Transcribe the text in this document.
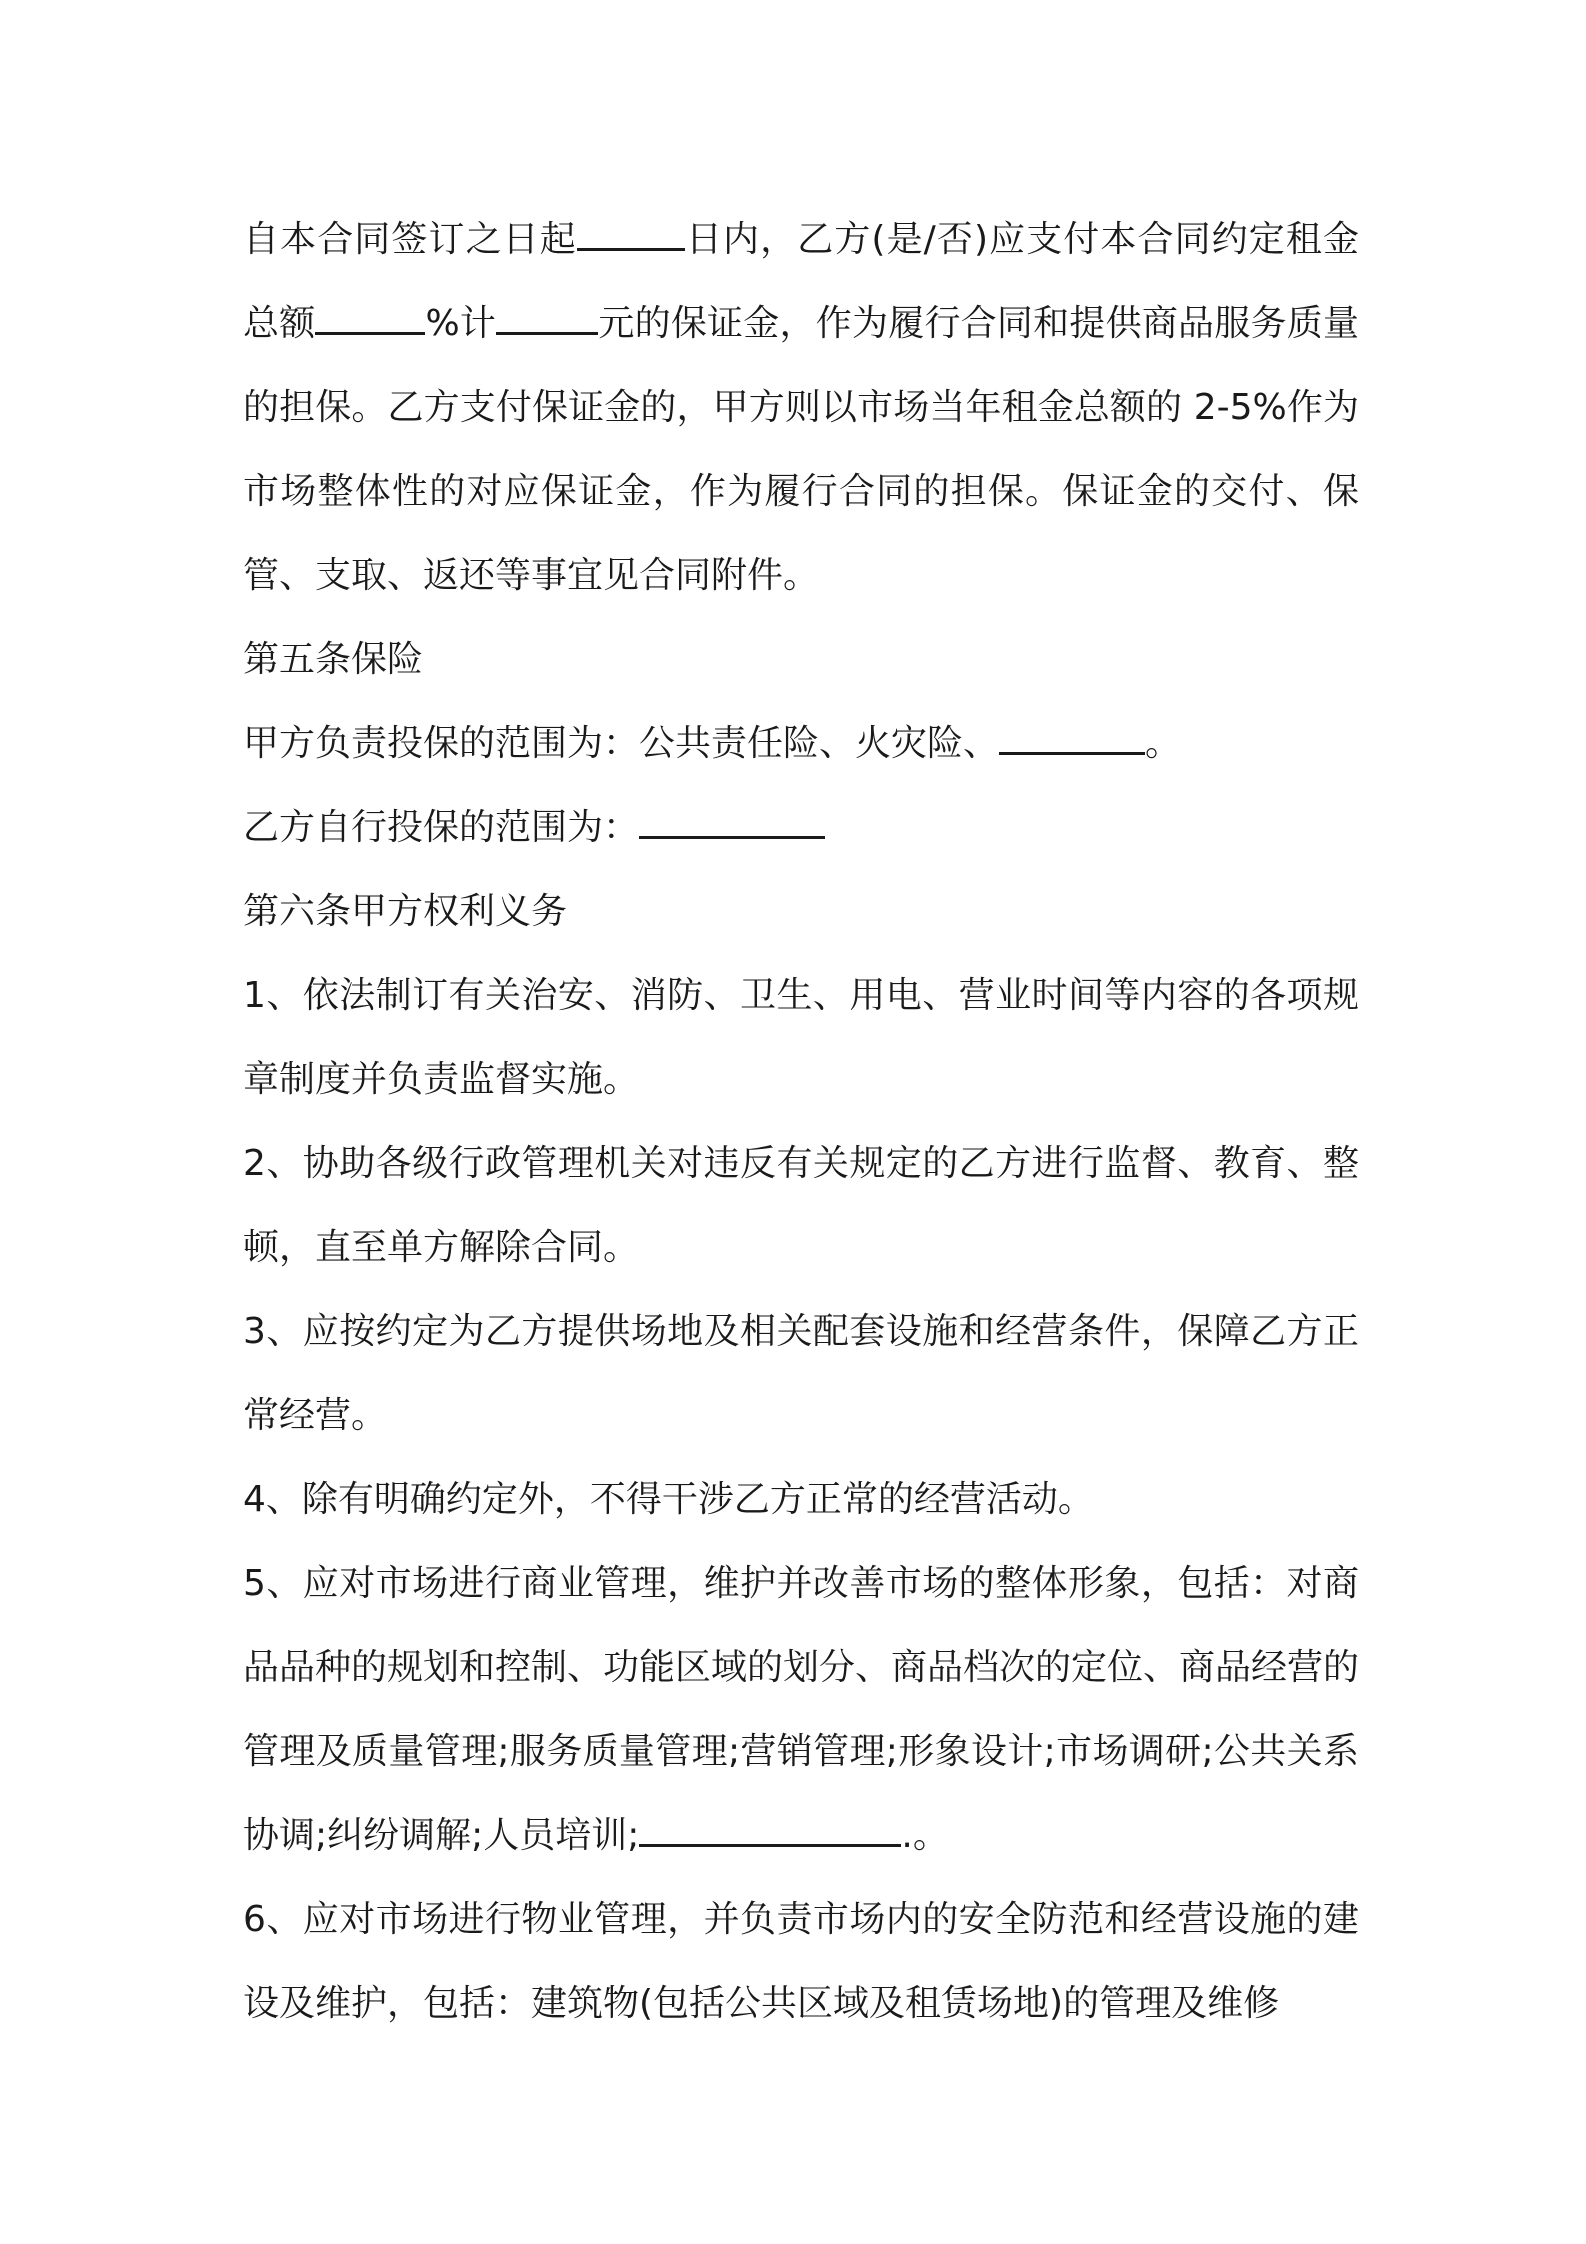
自本合同签订之日起	日内，乙方(是/否)应支付本合同约定租金总额	%计	元的保证金，作为履行合同和提供商品服务质量的担保。乙方支付保证金的，甲方则以市场当年租金总额的 2-5%作为市场整体性的对应保证金，作为履行合同的担保。保证金的交付、保管、支取、返还等事宜见合同附件。

第五条保险

甲方负责投保的范围为：公共责任险、火灾险、	。

乙方自行投保的范围为：

第六条甲方权利义务

1、依法制订有关治安、消防、卫生、用电、营业时间等内容的各项规章制度并负责监督实施。

2、协助各级行政管理机关对违反有关规定的乙方进行监督、教育、整顿，直至单方解除合同。

3、应按约定为乙方提供场地及相关配套设施和经营条件，保障乙方正常经营。

4、除有明确约定外，不得干涉乙方正常的经营活动。

5、应对市场进行商业管理，维护并改善市场的整体形象，包括：对商品品种的规划和控制、功能区域的划分、商品档次的定位、商品经营的管理及质量管理;服务质量管理;营销管理;形象设计;市场调研;公共关系协调;纠纷调解;人员培训;	.。

6、应对市场进行物业管理，并负责市场内的安全防范和经营设施的建设及维护，包括：建筑物(包括公共区域及租赁场地)的管理及维修
